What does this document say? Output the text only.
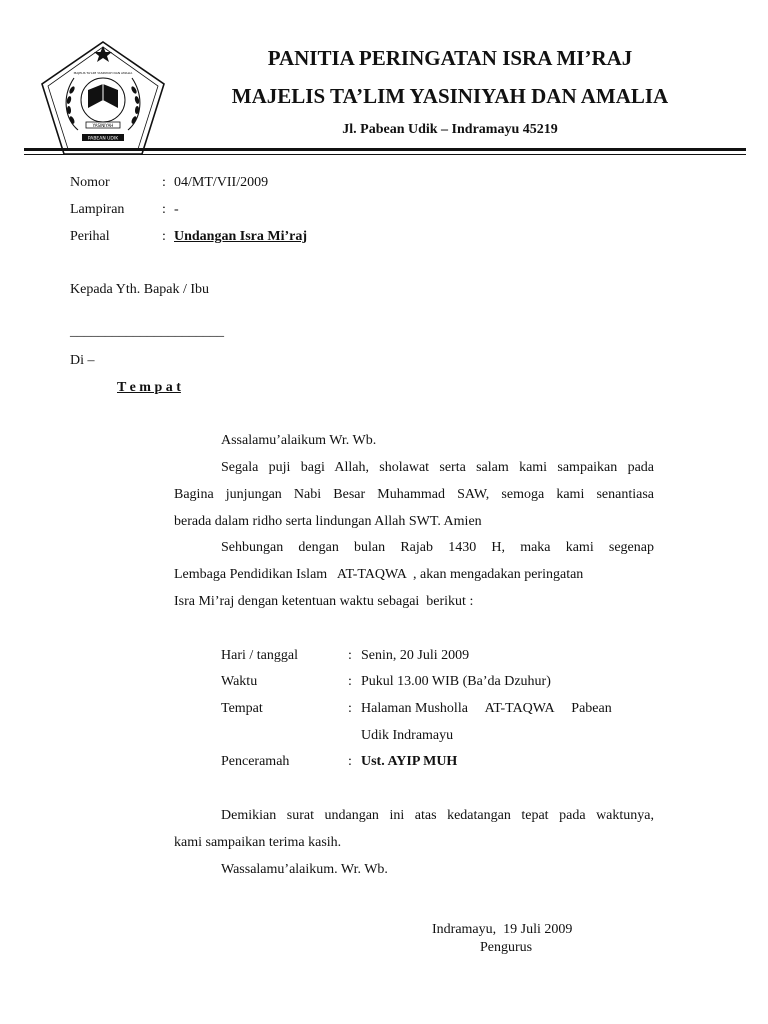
YASINIYAH
PABEAN UDIK
MAJELIS TA'LIM YASINIYAH DAN AMALIA
PANITIA PERINGATAN ISRA MI’RAJ
MAJELIS TA’LIM YASINIYAH DAN AMALIA
Jl. Pabean Udik – Indramayu 45219
Nomor	: 04/MT/VII/2009
Lampiran	: -
Perihal	: Undangan Isra Mi’raj
Kepada Yth. Bapak / Ibu
______________________
Di –
T e m p a t
Assalamu’alaikum Wr. Wb.
Segala puji bagi Allah, sholawat serta salam kami sampaikan pada
Bagina junjungan Nabi Besar Muhammad SAW, semoga kami senantiasa
berada dalam ridho serta lindungan Allah SWT. Amien
Sehbungan dengan bulan Rajab 1430 H, maka kami segenap
Lembaga Pendidikan Islam   AT-TAQWA  , akan mengadakan peringatan
Isra Mi’raj dengan ketentuan waktu sebagai  berikut :
Hari / tanggal	: Senin, 20 Juli 2009
Waktu	: Pukul 13.00 WIB (Ba’da Dzuhur)
Tempat	: Halaman Musholla     AT-TAQWA     Pabean
Udik Indramayu
Penceramah	: Ust. AYIP MUH
Demikian surat undangan ini atas kedatangan tepat pada waktunya,
kami sampaikan terima kasih.
Wassalamu’alaikum. Wr. Wb.
Indramayu,  19 Juli 2009
Pengurus
